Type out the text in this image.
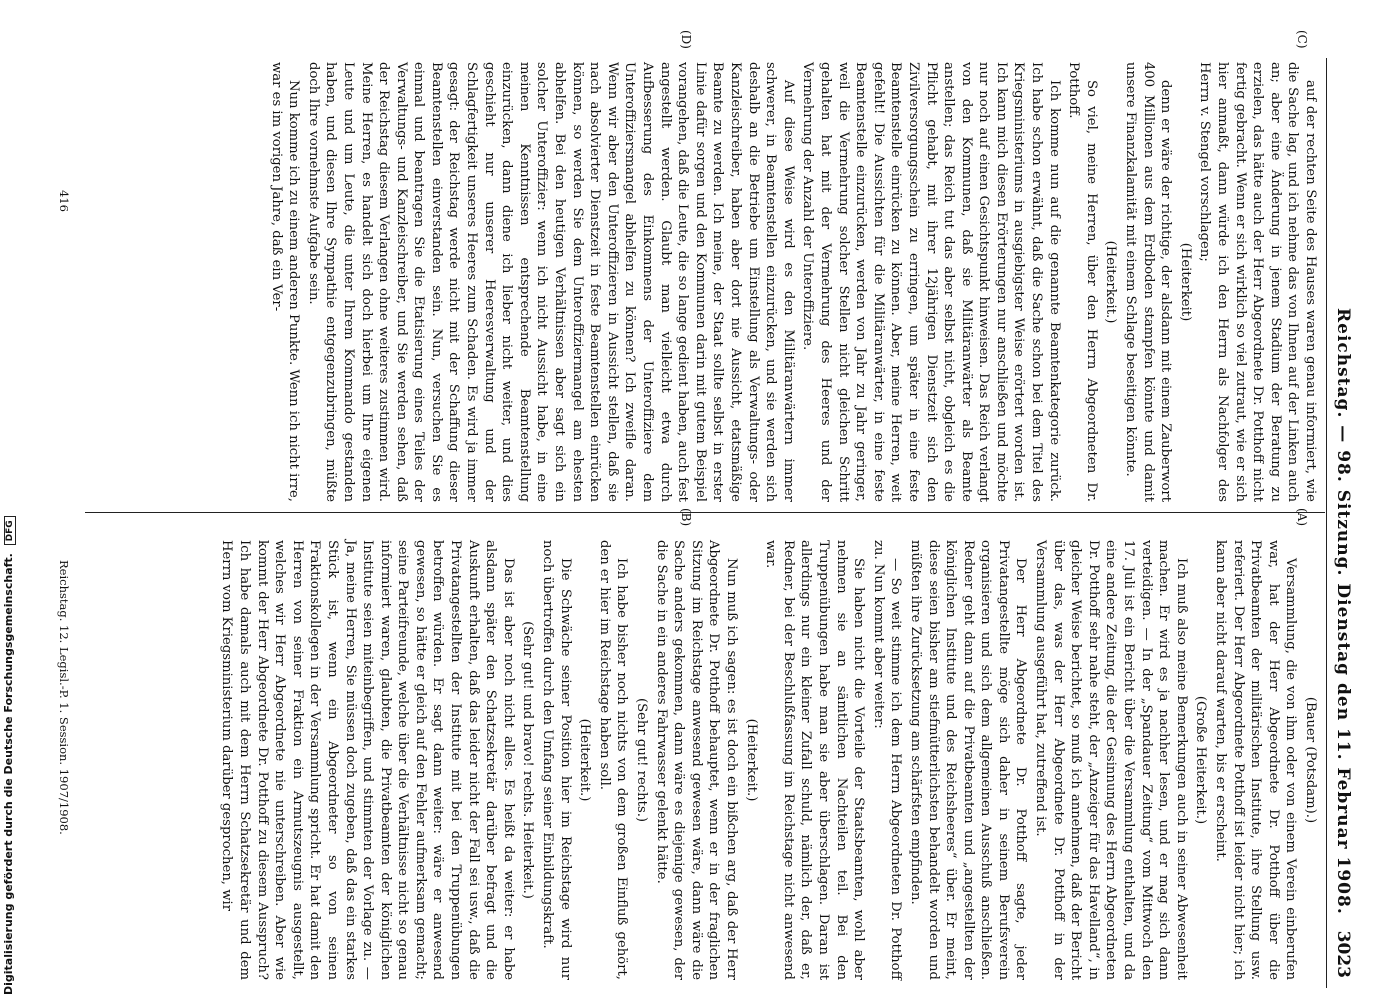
Reichstag. — 98. Sitzung. Dienstag den 11. Februar 1908.
3023
(A)
(B)
(C)
(D)

(Bauer (Potsdam).)

Versammlung, die von ihm oder von einem Verein einberufen war, hat der Herr Abgeordnete Dr. Potthoff über die Privatbeamten der militärischen Institute, ihre Stellung usw. referiert. Der Herr Abgeordnete Potthoff ist leider nicht hier; ich kann aber nicht darauf warten, bis er erscheint.

(Große Heiterkeit.)

Ich muß also meine Bemerkungen auch in seiner Abwesenheit machen. Er wird es ja nachher lesen, und er mag sich dann verteidigen. — In der „Spandauer Zeitung“ vom Mittwoch den 17. Juli ist ein Bericht über die Versammlung enthalten, und da eine andere Zeitung, die der Gesinnung des Herrn Abgeordneten Dr. Potthoff sehr nahe steht, der „Anzeiger für das Havelland“, in gleicher Weise berichtet, so muß ich annehmen, daß der Bericht über das, was der Herr Abgeordnete Dr. Potthoff in der Versammlung ausgeführt hat, zutreffend ist.

Der Herr Abgeordnete Dr. Potthoff sagte, jeder Privatangestellte möge sich daher in seinem Berufsverein organisieren und sich dem allgemeinen Ausschuß anschließen. Redner geht dann auf die Privatbeamten und „angestellten der königlichen Institute und des Reichsheeres“ über. Er meint, diese seien bisher am stiefmütterlichsten behandelt worden und müßten ihre Zurücksetzung am schärfsten empfinden.

— So weit stimme ich dem Herrn Abgeordneten Dr. Potthoff zu. Nun kommt aber weiter:

Sie haben nicht die Vorteile der Staatsbeamten, wohl aber nehmen sie an sämtlichen Nachteilen teil. Bei den Truppenübungen habe man sie aber überschlagen. Daran ist allerdings nur ein kleiner Zufall schuld, nämlich der, daß er, Redner, bei der Beschlußfassung im Reichstage nicht anwesend war.

(Heiterkeit.)

Nun muß ich sagen: es ist doch ein bißchen arg, daß der Herr Abgeordnete Dr. Potthoff behauptet, wenn er in der fraglichen Sitzung im Reichstage anwesend gewesen wäre, dann wäre die Sache anders gekommen, dann wäre es diejenige gewesen, der die Sache in ein anderes Fahrwasser gelenkt hätte.

(Sehr gut! rechts.)

Ich habe bisher noch nichts von dem großen Einfluß gehört, den er hier im Reichstage haben soll.

(Heiterkeit.)

Die Schwäche seiner Position hier im Reichstage wird nur noch übertroffen durch den Umfang seiner Einbildungskraft.

(Sehr gut! und bravo! rechts. Heiterkeit.)

Das ist aber noch nicht alles. Es heißt da weiter: er habe alsdann später den Schatzsekretär darüber befragt und die Auskunft erhalten, daß das leider nicht der Fall sei usw., daß die Privatangestellten der Institute mit bei den Truppenübungen betroffen würden. Er sagt dann weiter: wäre er anwesend gewesen, so hätte er gleich auf den Fehler aufmerksam gemacht; seine Parteifreunde, welche über die Verhältnisse nicht so genau informiert waren, glaubten, die Privatbeamten der königlichen Institute seien miteinbegriffen, und stimmten der Vorlage zu. — Ja, meine Herren, Sie müssen doch zugeben, daß das ein starkes Stück ist, wenn ein Abgeordneter so von seinen Fraktionskollegen in der Versammlung spricht. Er hat damit den Herren von seiner Fraktion ein Armutszeugnis ausgestellt, welches wir Herr Abgeordnete nie unterschreiben. Aber wie kommt der Herr Abgeordnete Dr. Potthoff zu diesem Ausspruch? Ich habe damals auch mit dem Herrn Schatzsekretär und dem Herrn vom Kriegsministerium darüber gesprochen, wir

auf der rechten Seite des Hauses waren genau informiert, wie die Sache lag, und ich nehme das von Ihnen auf der Linken auch an; aber eine Änderung in jenem Stadium der Beratung zu erzielen, das hätte auch der Herr Abgeordnete Dr. Potthoff nicht fertig gebracht. Wenn er sich wirklich so viel zutraut, wie er sich hier anmaßt, dann würde ich den Herrn als Nachfolger des Herrn v. Stengel vorschlagen;

(Heiterkeit)

denn er wäre der richtige, der alsdann mit einem Zauberwort 400 Millionen aus dem Erdboden stampfen könnte und damit unsere Finanzkalamität mit einem Schlage beseitigen könnte.

(Heiterkeit.)

So viel, meine Herren, über den Herrn Abgeordneten Dr. Potthoff.

Ich komme nun auf die genannte Beamtenkategorie zurück. Ich habe schon erwähnt, daß die Sache schon bei dem Titel des Kriegsministeriums in ausgiebigster Weise erörtert worden ist. Ich kann mich diesen Erörterungen nur anschließen und möchte nur noch auf einen Gesichtspunkt hinweisen. Das Reich verlangt von den Kommunen, daß sie Militäranwärter als Beamte anstellen; das Reich tut das aber selbst nicht, obgleich es die Pflicht gehabt, mit ihrer 12jährigen Dienstzeit sich den Zivilversorgungsschein zu erringen, um später in eine feste Beamtenstelle einrücken zu können. Aber, meine Herren, weit gefehlt! Die Aussichten für die Militäranwärter, in eine feste Beamtenstelle einzurücken, werden von Jahr zu Jahr geringer, weil die Vermehrung solcher Stellen nicht gleichen Schritt gehalten hat mit der Vermehrung des Heeres und der Vermehrung der Anzahl der Unteroffiziere.

Auf diese Weise wird es den Militäranwärtern immer schwerer, in Beamtenstellen einzurücken, und sie werden sich deshalb an die Betriebe um Einstellung als Verwaltungs- oder Kanzleischreiber, haben aber dort nie Aussicht, etatsmäßige Beamte zu werden. Ich meine, der Staat sollte selbst in erster Linie dafür sorgen und den Kommunen darin mit gutem Beispiel vorangehen, daß die Leute, die so lange gedient haben, auch fest angestellt werden. Glaubt man vielleicht etwa durch Aufbesserung des Einkommens der Unteroffiziere dem Unteroffiziersmangel abhelfen zu können? Ich zweifle daran. Wenn wir aber den Unteroffizieren in Aussicht stellen, daß sie nach absolvierter Dienstzeit in feste Beamtenstellen einrücken können, so werden Sie dem Unteroffiziermangel am ehesten abhelfen. Bei den heutigen Verhältnissen aber sagt sich ein solcher Unteroffizier: wenn ich nicht Aussicht habe, in eine meinen Kenntnissen entsprechende Beamtenstellung einzurücken, dann diene ich lieber nicht weiter, und dies geschieht nur unserer Heeresverwaltung und der Schlagfertigkeit unseres Heeres zum Schaden. Es wird ja immer gesagt: der Reichstag werde nicht mit der Schaffung dieser Beamtenstellen einverstanden sein. Nun, versuchen Sie es einmal und beantragen Sie die Etatisierung eines Teiles der Verwaltungs- und Kanzleischreiber, und Sie werden sehen, daß der Reichstag diesem Verlangen ohne weiteres zustimmen wird. Meine Herren, es handelt sich doch hierbei um Ihre eigenen Leute und um Leute, die unter Ihrem Kommando gestanden haben, und diesen Ihre Sympathie entgegenzubringen, müßte doch Ihre vornehmste Aufgabe sein.

Nun komme ich zu einem anderen Punkte. Wenn ich nicht irre, war es im vorigen Jahre, daß ein Ver-

Reichstag. 12. Legisl.-P. 1. Session. 1907/1908.
416
Digitalisierung gefördert durch die Deutsche Forschungsgemeinschaft. DFG
